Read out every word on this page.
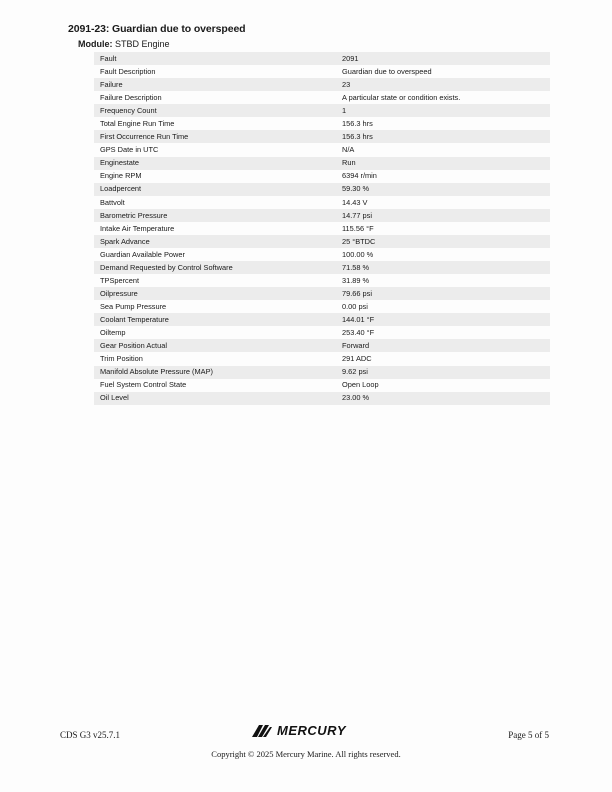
2091-23: Guardian due to overspeed
Module: STBD Engine
Fault	2091
Fault Description	Guardian due to overspeed
Failure	23
Failure Description	A particular state or condition exists.
Frequency Count	1
Total Engine Run Time	156.3 hrs
First Occurrence Run Time	156.3 hrs
GPS Date in UTC	N/A
Enginestate	Run
Engine RPM	6394 r/min
Loadpercent	59.30 %
Battvolt	14.43 V
Barometric Pressure	14.77 psi
Intake Air Temperature	115.56 °F
Spark Advance	25 °BTDC
Guardian Available Power	100.00 %
Demand Requested by Control Software	71.58 %
TPSpercent	31.89 %
Oilpressure	79.66 psi
Sea Pump Pressure	0.00 psi
Coolant Temperature	144.01 °F
Oiltemp	253.40 °F
Gear Position Actual	Forward
Trim Position	291 ADC
Manifold Absolute Pressure (MAP)	9.62 psi
Fuel System Control State	Open Loop
Oil Level	23.00 %
CDS G3 v25.7.1	MERCURY	Page 5 of 5
Copyright © 2025 Mercury Marine. All rights reserved.
